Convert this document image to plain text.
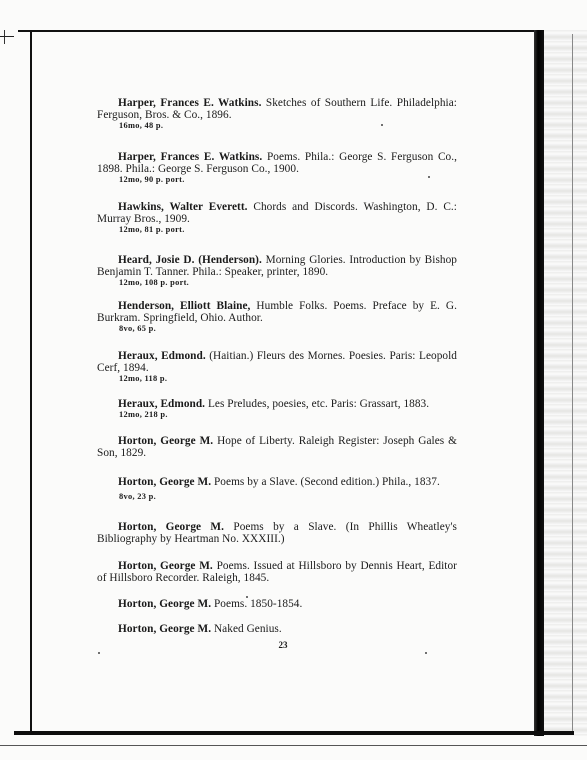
Harper, Frances E. Watkins. Sketches of Southern Life. Philadelphia: Ferguson, Bros. & Co., 1896.
16mo, 48 p.
Harper, Frances E. Watkins. Poems. Phila.: George S. Ferguson Co., 1898. Phila.: George S. Ferguson Co., 1900.
12mo, 90 p. port.
Hawkins, Walter Everett. Chords and Discords. Washington, D. C.: Murray Bros., 1909.
12mo, 81 p. port.
Heard, Josie D. (Henderson). Morning Glories. Introduction by Bishop Benjamin T. Tanner. Phila.: Speaker, printer, 1890.
12mo, 108 p. port.
Henderson, Elliott Blaine, Humble Folks. Poems. Preface by E. G. Burkram. Springfield, Ohio. Author.
8vo, 65 p.
Heraux, Edmond. (Haitian.) Fleurs des Mornes. Poesies. Paris: Leopold Cerf, 1894.
12mo, 118 p.
Heraux, Edmond. Les Preludes, poesies, etc. Paris: Grassart, 1883.
12mo, 218 p.
Horton, George M. Hope of Liberty. Raleigh Register: Joseph Gales & Son, 1829.
Horton, George M. Poems by a Slave. (Second edition.) Phila., 1837.
8vo, 23 p.
Horton, George M. Poems by a Slave. (In Phillis Wheatley's Bibliography by Heartman No. XXXIII.)
Horton, George M. Poems. Issued at Hillsboro by Dennis Heart, Editor of Hillsboro Recorder. Raleigh, 1845.
Horton, George M. Poems. 1850-1854.
Horton, George M. Naked Genius.
23
